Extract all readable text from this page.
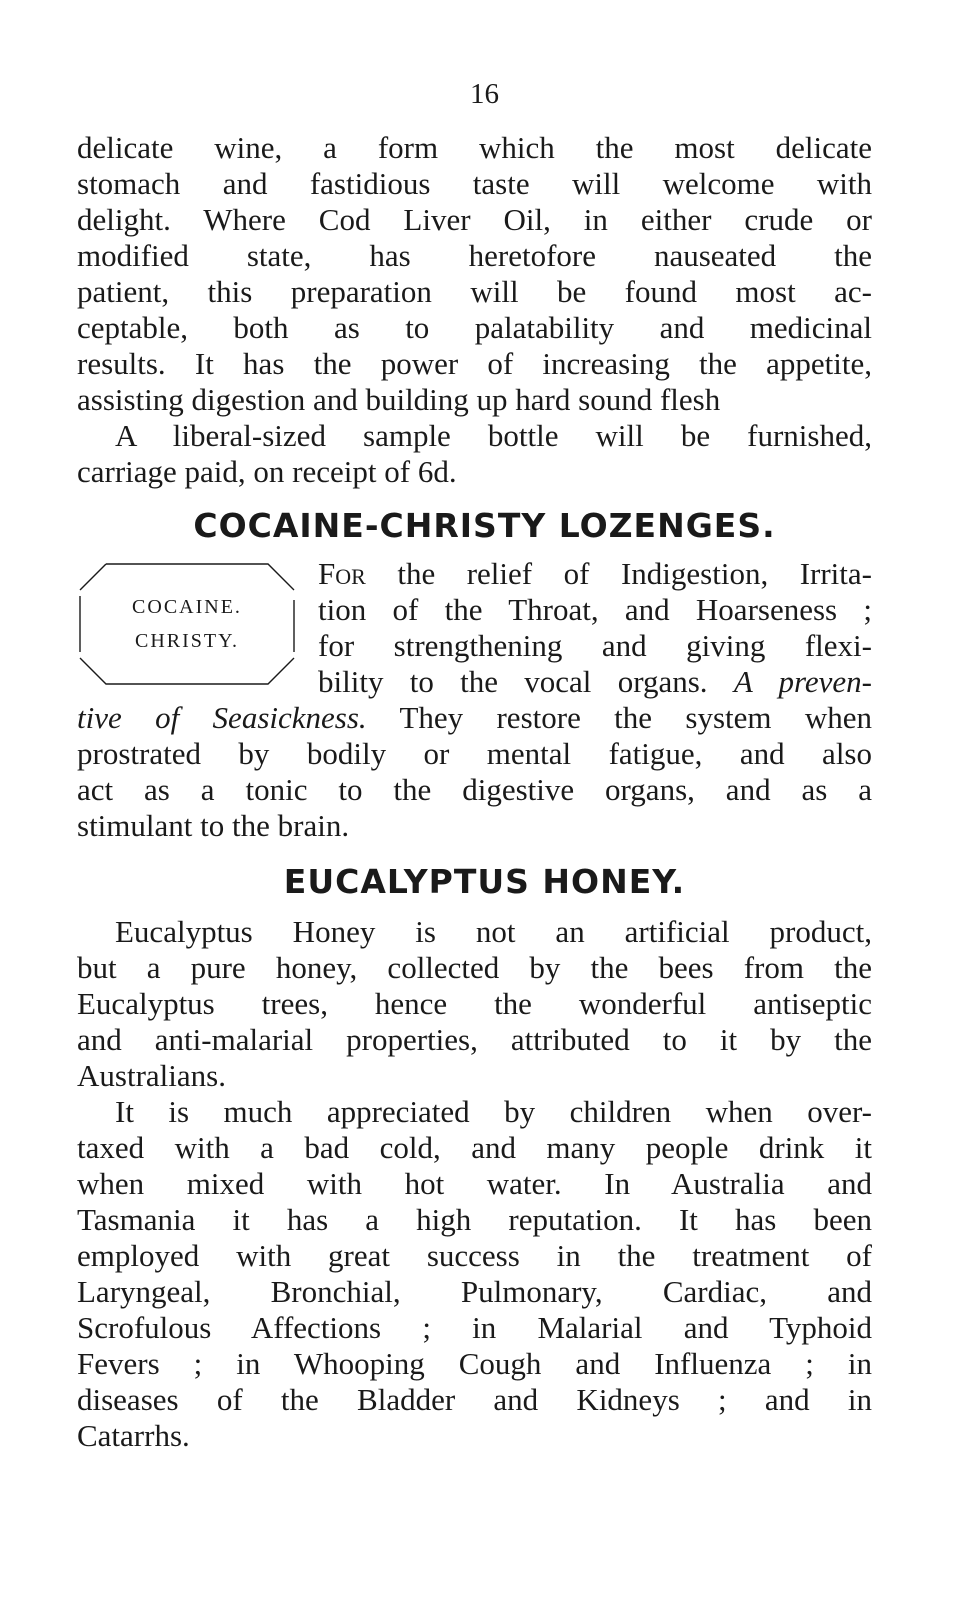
16
delicate wine, a form which the most delicate
stomach and fastidious taste will welcome with
delight. Where Cod Liver Oil, in either crude or
modified state, has heretofore nauseated the
patient, this preparation will be found most ac-
ceptable, both as to palatability and medicinal
results. It has the power of increasing the appetite,
assisting digestion and building up hard sound flesh
A liberal-sized sample bottle will be furnished,
carriage paid, on receipt of 6d.
COCAINE-CHRISTY LOZENGES.
COCAINE.
CHRISTY.
For the relief of Indigestion, Irrita-
tion of the Throat, and Hoarseness ;
for strengthening and giving flexi-
bility to the vocal organs. A preven-
tive of Seasickness. They restore the system when
prostrated by bodily or mental fatigue, and also
act as a tonic to the digestive organs, and as a
stimulant to the brain.
EUCALYPTUS HONEY.
Eucalyptus Honey is not an artificial product,
but a pure honey, collected by the bees from the
Eucalyptus trees, hence the wonderful antiseptic
and anti-malarial properties, attributed to it by the
Australians.
It is much appreciated by children when over-
taxed with a bad cold, and many people drink it
when mixed with hot water. In Australia and
Tasmania it has a high reputation. It has been
employed with great success in the treatment of
Laryngeal, Bronchial, Pulmonary, Cardiac, and
Scrofulous Affections ; in Malarial and Typhoid
Fevers ; in Whooping Cough and Influenza ; in
diseases of the Bladder and Kidneys ; and in
Catarrhs.
